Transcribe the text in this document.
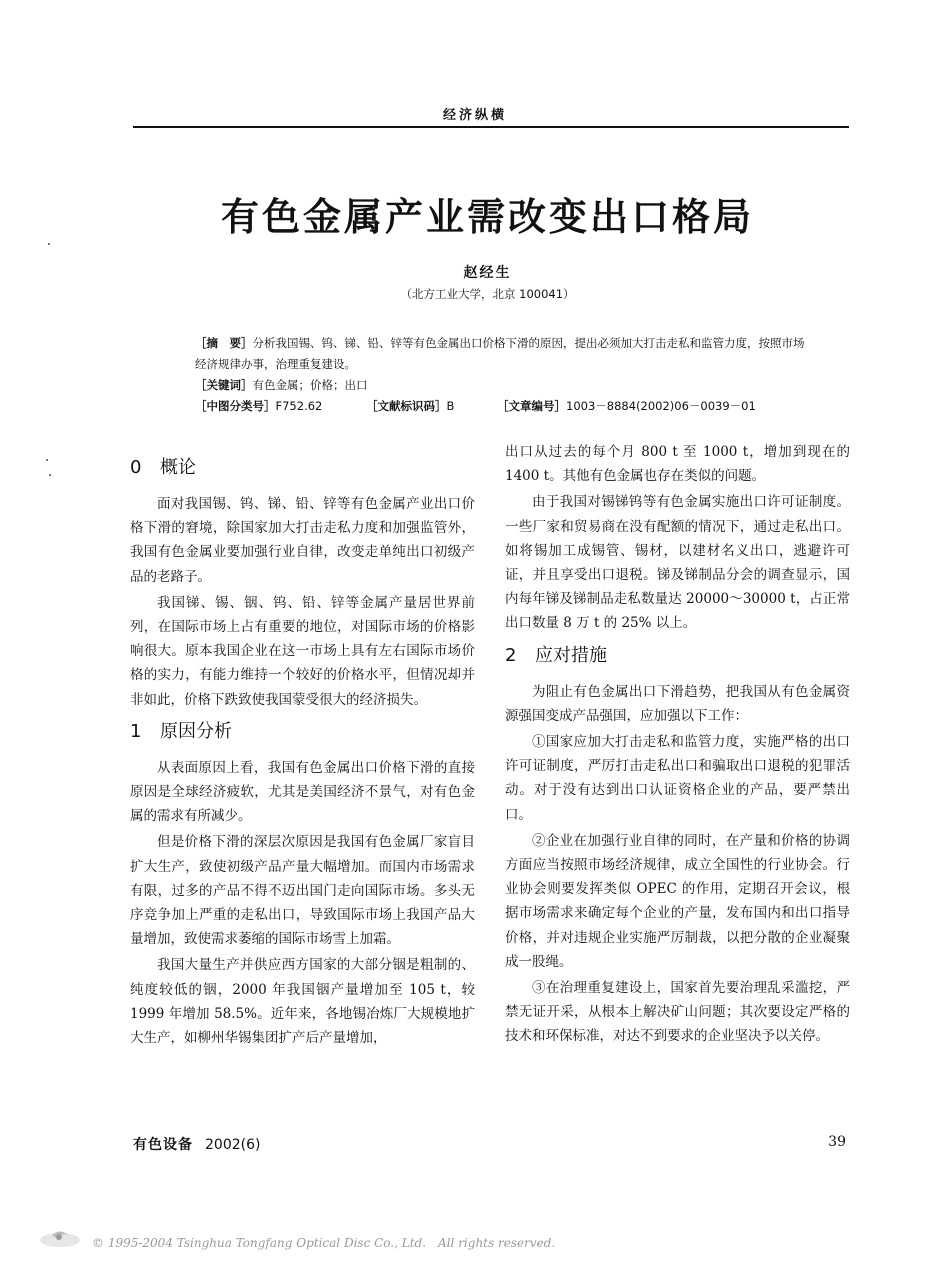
经济纵横
有色金属产业需改变出口格局
赵经生
（北方工业大学，北京 100041）
［摘　要］分析我国锡、钨、锑、铅、锌等有色金属出口价格下滑的原因，提出必须加大打击走私和监管力度，按照市场经济规律办事，治理重复建设。
［关键词］有色金属；价格；出口
［中图分类号］F752.62	［文献标识码］B	［文章编号］1003－8884(2002)06－0039－01
0 概论

面对我国锡、钨、锑、铅、锌等有色金属产业出口价格下滑的窘境，除国家加大打击走私力度和加强监管外，我国有色金属业要加强行业自律，改变走单纯出口初级产品的老路子。

我国锑、锡、铟、钨、铅、锌等金属产量居世界前列，在国际市场上占有重要的地位，对国际市场的价格影响很大。原本我国企业在这一市场上具有左右国际市场价格的实力，有能力维持一个较好的价格水平，但情况却并非如此，价格下跌致使我国蒙受很大的经济损失。

1 原因分析

从表面原因上看，我国有色金属出口价格下滑的直接原因是全球经济疲软，尤其是美国经济不景气，对有色金属的需求有所减少。

但是价格下滑的深层次原因是我国有色金属厂家盲目扩大生产，致使初级产品产量大幅增加。而国内市场需求有限，过多的产品不得不迈出国门走向国际市场。多头无序竞争加上严重的走私出口，导致国际市场上我国产品大量增加，致使需求萎缩的国际市场雪上加霜。

我国大量生产并供应西方国家的大部分铟是粗制的、纯度较低的铟，2000 年我国铟产量增加至 105 t，较 1999 年增加 58.5%。近年来，各地锡冶炼厂大规模地扩大生产，如柳州华锡集团扩产后产量增加，

出口从过去的每个月 800 t 至 1000 t，增加到现在的 1400 t。其他有色金属也存在类似的问题。

由于我国对锡锑钨等有色金属实施出口许可证制度。一些厂家和贸易商在没有配额的情况下，通过走私出口。如将锡加工成锡管、锡材，以建材名义出口，逃避许可证，并且享受出口退税。锑及锑制品分会的调查显示，国内每年锑及锑制品走私数量达 20000～30000 t，占正常出口数量 8 万 t 的 25% 以上。

2 应对措施

为阻止有色金属出口下滑趋势，把我国从有色金属资源强国变成产品强国，应加强以下工作：

①国家应加大打击走私和监管力度，实施严格的出口许可证制度，严厉打击走私出口和骗取出口退税的犯罪活动。对于没有达到出口认证资格企业的产品，要严禁出口。

②企业在加强行业自律的同时，在产量和价格的协调方面应当按照市场经济规律，成立全国性的行业协会。行业协会则要发挥类似 OPEC 的作用，定期召开会议，根据市场需求来确定每个企业的产量，发布国内和出口指导价格，并对违规企业实施严厉制裁，以把分散的企业凝聚成一股绳。

③在治理重复建设上，国家首先要治理乱采滥挖，严禁无证开采，从根本上解决矿山问题；其次要设定严格的技术和环保标准，对达不到要求的企业坚决予以关停。

有色设备 2002(6)	39
© 1995-2004 Tsinghua Tongfang Optical Disc Co., Ltd.　All rights reserved.
